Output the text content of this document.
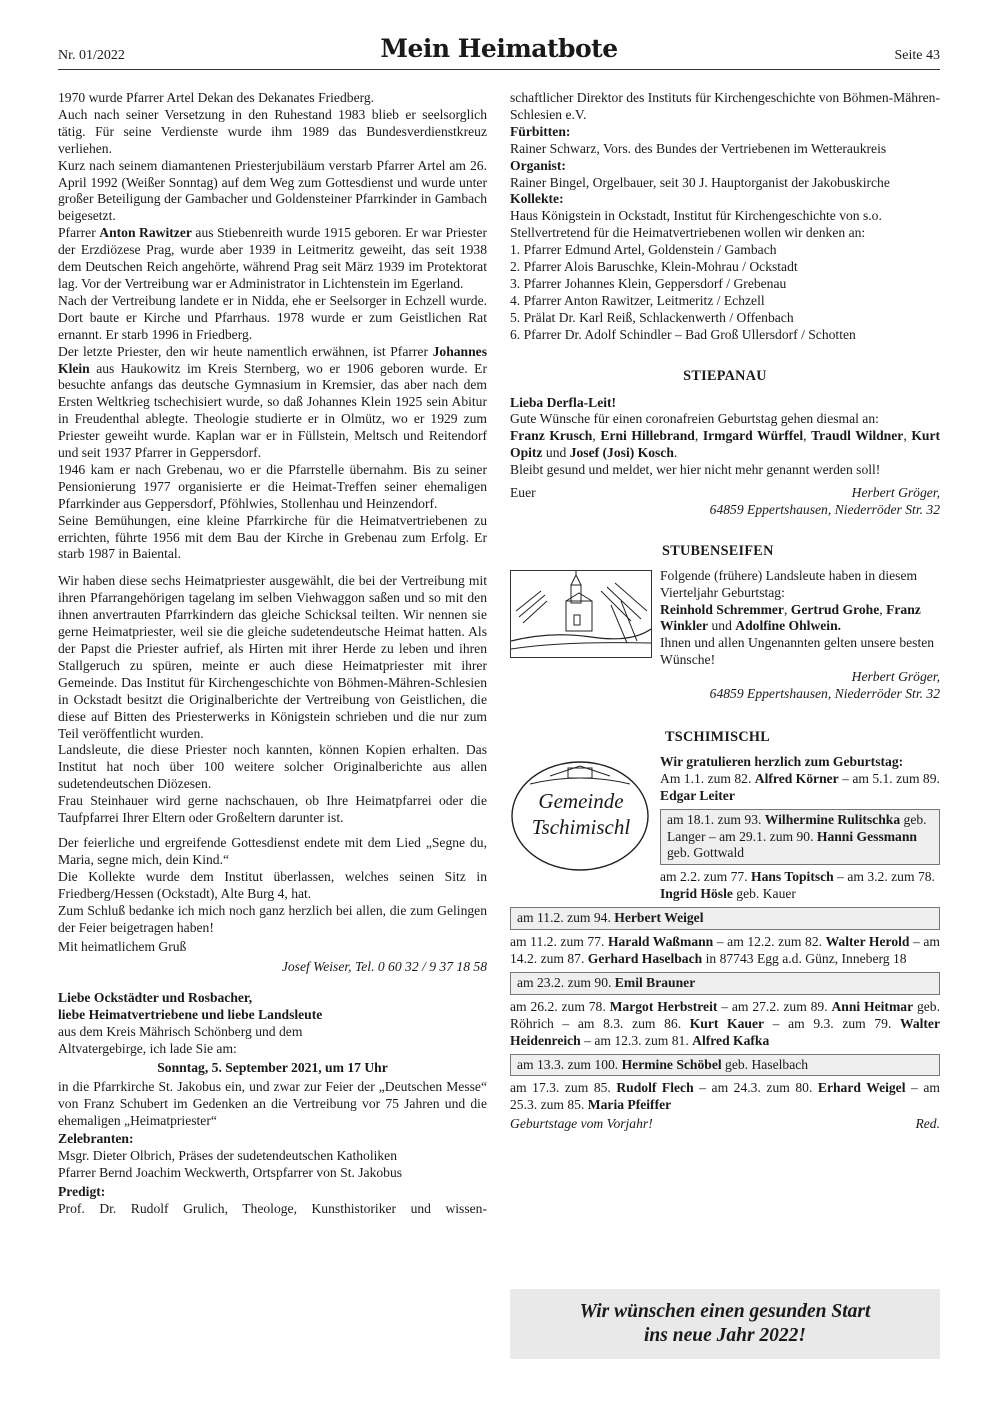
Nr. 01/2022	Mein Heimatbote	Seite 43

1970 wurde Pfarrer Artel Dekan des Dekanates Friedberg.

Auch nach seiner Versetzung in den Ruhestand 1983 blieb er seelsorglich tätig. Für seine Verdienste wurde ihm 1989 das Bundesverdienstkreuz verliehen.

Kurz nach seinem diamantenen Priesterjubiläum verstarb Pfarrer Artel am 26. April 1992 (Weißer Sonntag) auf dem Weg zum Gottesdienst und wurde unter großer Beteiligung der Gambacher und Goldensteiner Pfarrkinder in Gambach beigesetzt.

Pfarrer Anton Rawitzer aus Stiebenreith wurde 1915 geboren. Er war Priester der Erzdiözese Prag, wurde aber 1939 in Leitmeritz geweiht, das seit 1938 dem Deutschen Reich angehörte, während Prag seit März 1939 im Protektorat lag. Vor der Vertreibung war er Administrator in Lichtenstein im Egerland.

Nach der Vertreibung landete er in Nidda, ehe er Seelsorger in Echzell wurde. Dort baute er Kirche und Pfarrhaus. 1978 wurde er zum Geistlichen Rat ernannt. Er starb 1996 in Friedberg.

Der letzte Priester, den wir heute namentlich erwähnen, ist Pfarrer Johannes Klein aus Haukowitz im Kreis Sternberg, wo er 1906 geboren wurde. Er besuchte anfangs das deutsche Gymnasium in Kremsier, das aber nach dem Ersten Weltkrieg tschechisiert wurde, so daß Johannes Klein 1925 sein Abitur in Freudenthal ablegte. Theologie studierte er in Olmütz, wo er 1929 zum Priester geweiht wurde. Kaplan war er in Füllstein, Meltsch und Reitendorf und seit 1937 Pfarrer in Geppersdorf.

1946 kam er nach Grebenau, wo er die Pfarrstelle übernahm. Bis zu seiner Pensionierung 1977 organisierte er die Heimat-Treffen seiner ehemaligen Pfarrkinder aus Geppersdorf, Pföhlwies, Stollenhau und Heinzendorf.

Seine Bemühungen, eine kleine Pfarrkirche für die Heimatvertriebenen zu errichten, führte 1956 mit dem Bau der Kirche in Grebenau zum Erfolg. Er starb 1987 in Baiental.

Wir haben diese sechs Heimatpriester ausgewählt, die bei der Vertreibung mit ihren Pfarrangehörigen tagelang im selben Viehwaggon saßen und so mit den ihnen anvertrauten Pfarrkindern das gleiche Schicksal teilten. Wir nennen sie gerne Heimatpriester, weil sie die gleiche sudetendeutsche Heimat hatten. Als der Papst die Priester aufrief, als Hirten mit ihrer Herde zu leben und ihren Stallgeruch zu spüren, meinte er auch diese Heimatpriester mit ihrer Gemeinde. Das Institut für Kirchengeschichte von Böhmen-Mähren-Schlesien in Ockstadt besitzt die Originalberichte der Vertreibung von Geistlichen, die diese auf Bitten des Priesterwerks in Königstein schrieben und die nur zum Teil veröffentlicht wurden.

Landsleute, die diese Priester noch kannten, können Kopien erhalten. Das Institut hat noch über 100 weitere solcher Originalberichte aus allen sudetendeutschen Diözesen.

Frau Steinhauer wird gerne nachschauen, ob Ihre Heimatpfarrei oder die Taufpfarrei Ihrer Eltern oder Großeltern darunter ist.

Der feierliche und ergreifende Gottesdienst endete mit dem Lied „Segne du, Maria, segne mich, dein Kind.“

Die Kollekte wurde dem Institut überlassen, welches seinen Sitz in Friedberg/Hessen (Ockstadt), Alte Burg 4, hat.

Zum Schluß bedanke ich mich noch ganz herzlich bei allen, die zum Gelingen der Feier beigetragen haben!

Mit heimatlichem Gruß

Josef Weiser, Tel. 0 60 32 / 9 37 18 58

Liebe Ockstädter und Rosbacher,

liebe Heimatvertriebene und liebe Landsleute

aus dem Kreis Mährisch Schönberg und dem Altvatergebirge, ich lade Sie am:

Sonntag, 5. September 2021, um 17 Uhr

in die Pfarrkirche St. Jakobus ein, und zwar zur Feier der „Deutschen Messe“ von Franz Schubert im Gedenken an die Vertreibung vor 75 Jahren und die ehemaligen „Heimatpriester“

Zelebranten:

Msgr. Dieter Olbrich, Präses der sudetendeutschen Katholiken

Pfarrer Bernd Joachim Weckwerth, Ortspfarrer von St. Jakobus

Predigt:

Prof. Dr. Rudolf Grulich, Theologe, Kunsthistoriker und wissen-

schaftlicher Direktor des Instituts für Kirchengeschichte von Böhmen-Mähren-Schlesien e.V.

Fürbitten:

Rainer Schwarz, Vors. des Bundes der Vertriebenen im Wetteraukreis

Organist:

Rainer Bingel, Orgelbauer, seit 30 J. Hauptorganist der Jakobuskirche

Kollekte:

Haus Königstein in Ockstadt, Institut für Kirchengeschichte von s.o.

Stellvertretend für die Heimatvertriebenen wollen wir denken an:

1. Pfarrer Edmund Artel, Goldenstein / Gambach

2. Pfarrer Alois Baruschke, Klein-Mohrau / Ockstadt

3. Pfarrer Johannes Klein, Geppersdorf / Grebenau

4. Pfarrer Anton Rawitzer, Leitmeritz / Echzell

5. Prälat Dr. Karl Reiß, Schlackenwerth / Offenbach

6. Pfarrer Dr. Adolf Schindler – Bad Groß Ullersdorf / Schotten

STIEPANAU

Lieba Derfla-Leit!

Gute Wünsche für einen coronafreien Geburtstag gehen diesmal an:

Franz Krusch, Erni Hillebrand, Irmgard Würffel, Traudl Wildner, Kurt Opitz und Josef (Josi) Kosch.

Bleibt gesund und meldet, wer hier nicht mehr genannt werden soll!

Euer	Herbert Gröger,

64859 Eppertshausen, Niederröder Str. 32

STUBENSEIFEN

Folgende (frühere) Landsleute haben in diesem Vierteljahr Geburtstag:

Reinhold Schremmer, Gertrud Grohe, Franz Winkler und Adolfine Ohlwein.

Ihnen und allen Ungenannten gelten unsere besten Wünsche!

Herbert Gröger,

64859 Eppertshausen, Niederröder Str. 32

TSCHIMISCHL

Gemeinde
Tschimischl

Wir gratulieren herzlich zum Geburtstag:

Am 1.1. zum 82. Alfred Körner – am 5.1. zum 89. Edgar Leiter

am 18.1. zum 93. Wilhermine Rulitschka geb. Langer – am 29.1. zum 90. Hanni Gessmann geb. Gottwald

am 2.2. zum 77. Hans Topitsch – am 3.2. zum 78. Ingrid Hösle geb. Kauer

am 11.2. zum 94. Herbert Weigel

am 11.2. zum 77. Harald Waßmann – am 12.2. zum 82. Walter Herold – am 14.2. zum 87. Gerhard Haselbach in 87743 Egg a.d. Günz, Inneberg 18

am 23.2. zum 90. Emil Brauner

am 26.2. zum 78. Margot Herbstreit – am 27.2. zum 89. Anni Heitmar geb. Röhrich – am 8.3. zum 86. Kurt Kauer – am 9.3. zum 79. Walter Heidenreich – am 12.3. zum 81. Alfred Kafka

am 13.3. zum 100. Hermine Schöbel geb. Haselbach

am 17.3. zum 85. Rudolf Flech – am 24.3. zum 80. Erhard Weigel – am 25.3. zum 85. Maria Pfeiffer

Geburtstage vom Vorjahr!	Red.
Wir wünschen einen gesunden Start
ins neue Jahr 2022!
